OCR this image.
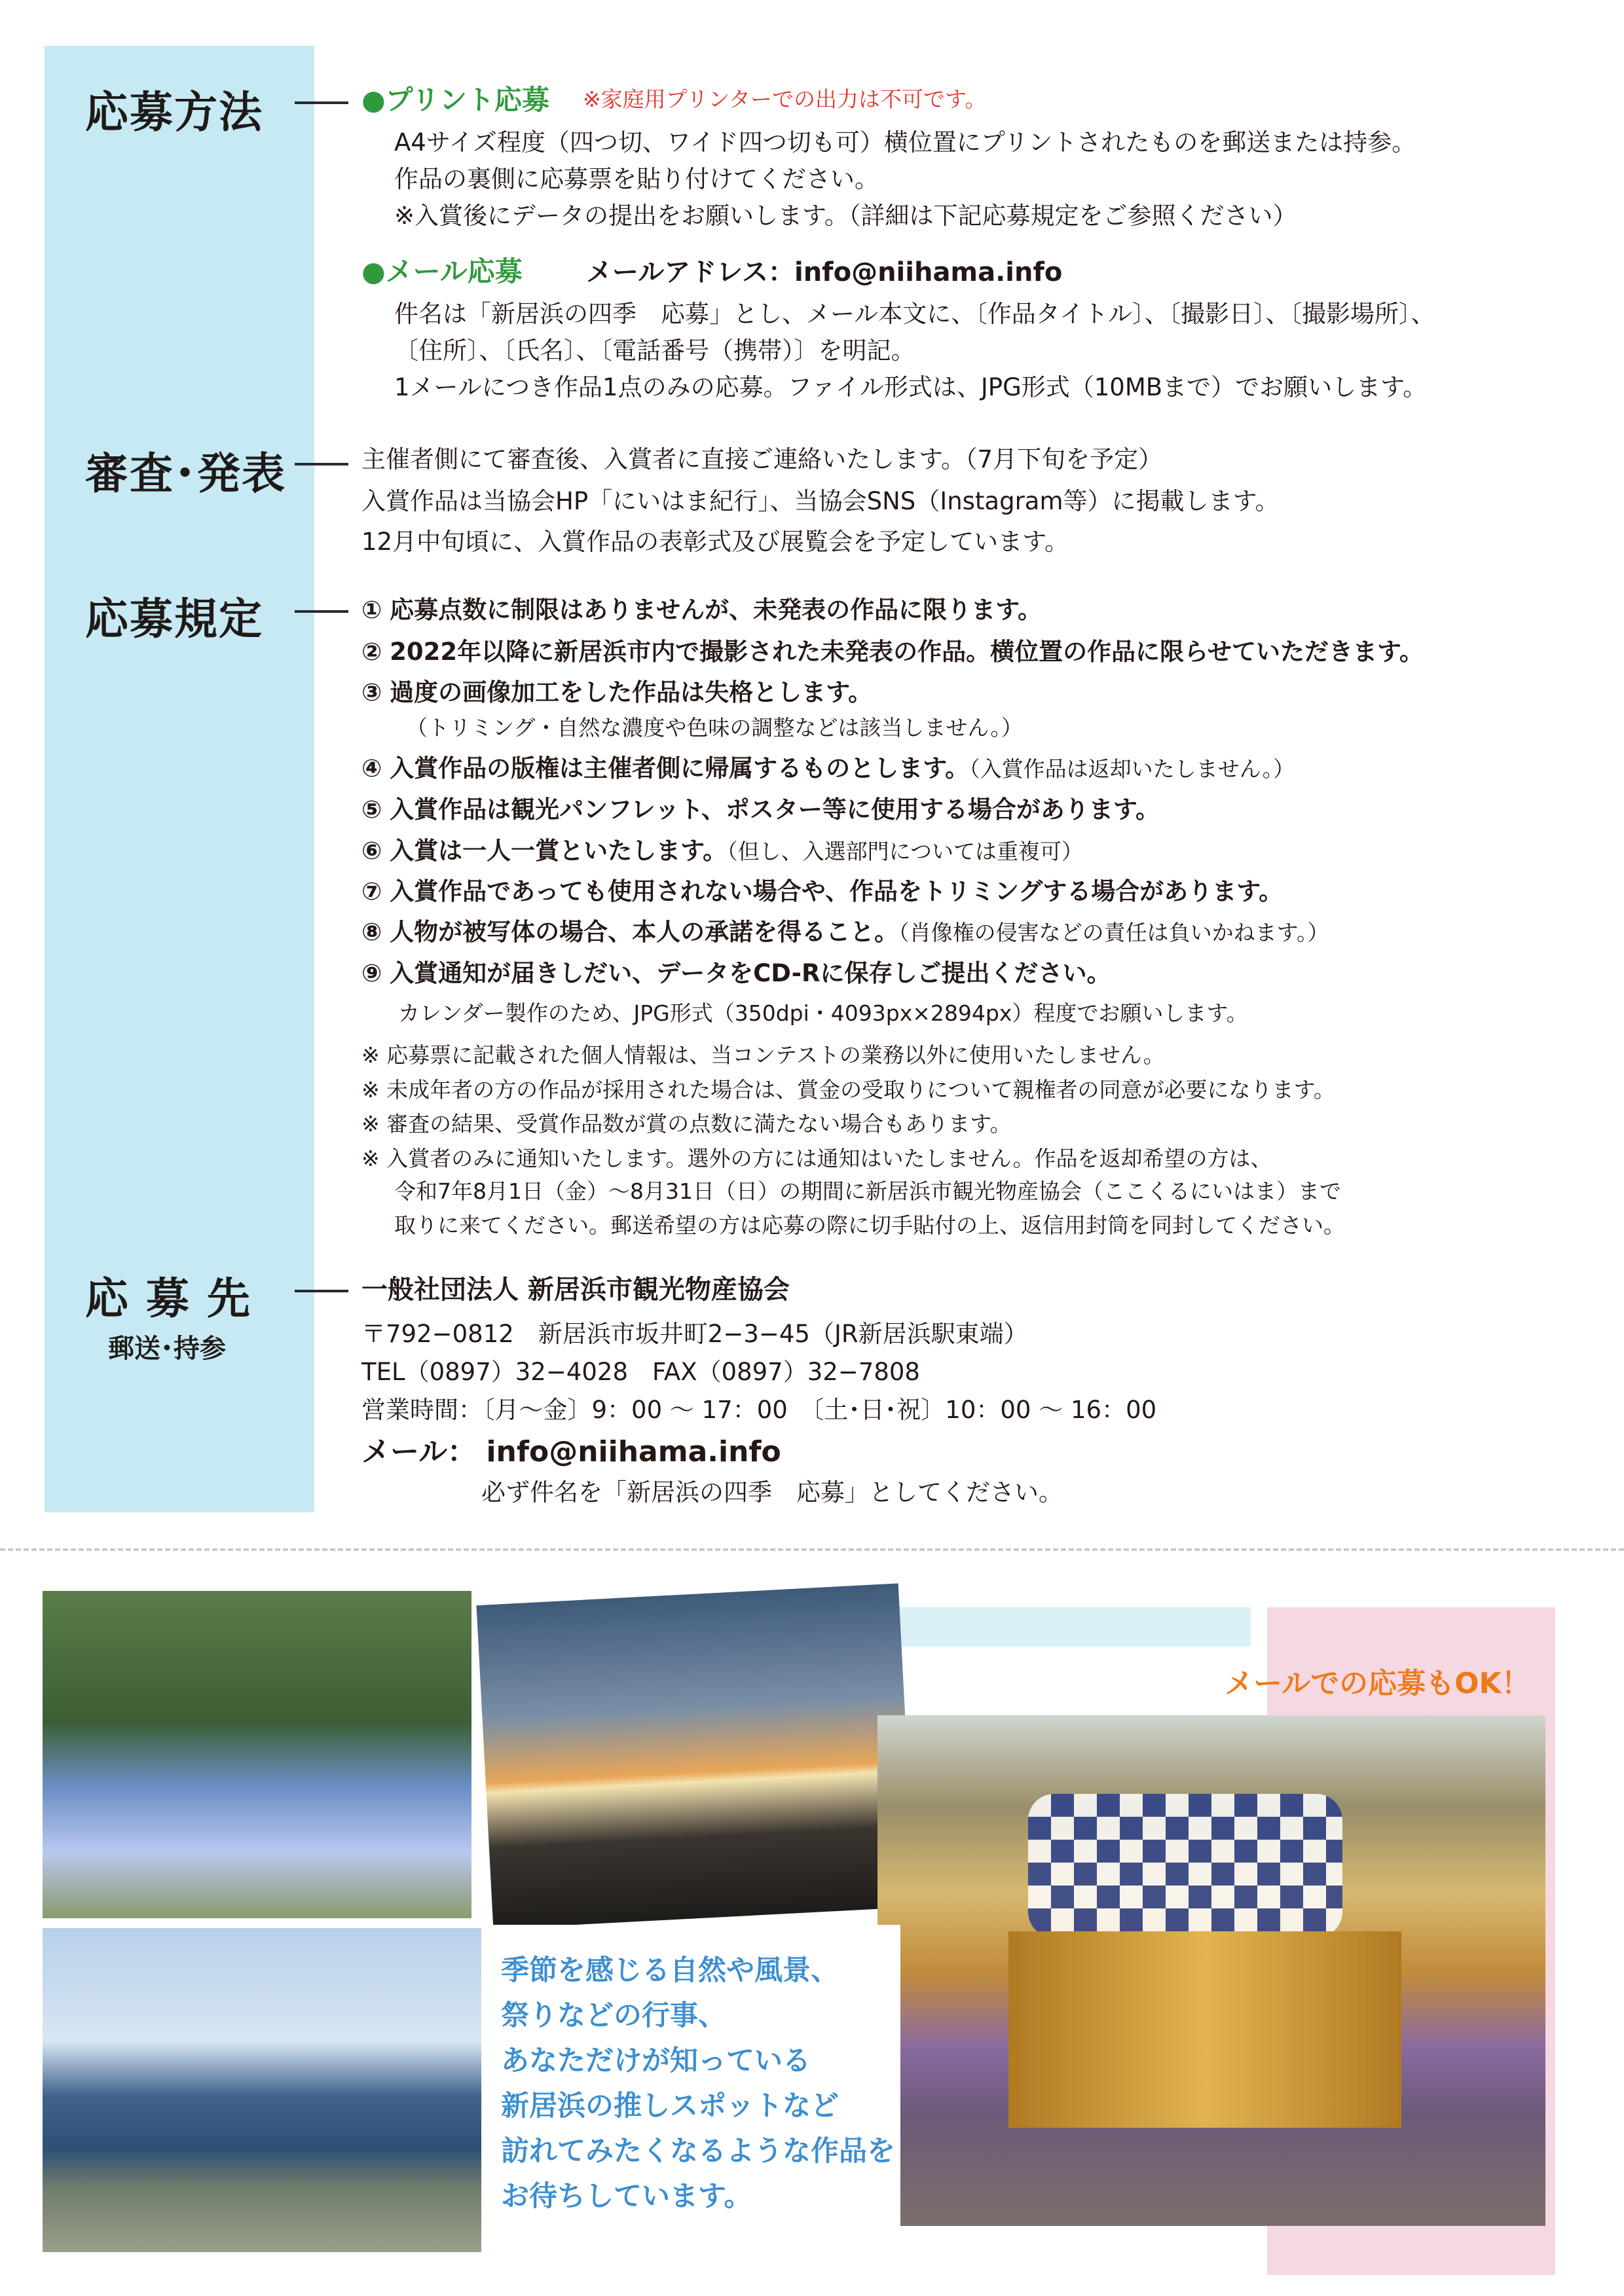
応募方法	●プリント応募 ※家庭用プリンターでの出力は不可です。
A4サイズ程度（四つ切、ワイド四つ切も可）横位置にプリントされたものを郵送または持参。
作品の裏側に応募票を貼り付けてください。
※入賞後にデータの提出をお願いします。（詳細は下記応募規定をご参照ください）
●メール応募 メールアドレス：info@niihama.info
件名は「新居浜の四季　応募」とし、メール本文に、〔作品タイトル〕、〔撮影日〕、〔撮影場所〕、
〔住所〕、〔氏名〕、〔電話番号（携帯）〕を明記。
1メールにつき作品1点のみの応募。ファイル形式は、JPG形式（10MBまで）でお願いします。
審査･発表	主催者側にて審査後、入賞者に直接ご連絡いたします。（7月下旬を予定）
入賞作品は当協会HP「にいはま紀行」、当協会SNS（Instagram等）に掲載します。
12月中旬頃に、入賞作品の表彰式及び展覧会を予定しています。
応募規定	① 応募点数に制限はありませんが、未発表の作品に限ります。
② 2022年以降に新居浜市内で撮影された未発表の作品。横位置の作品に限らせていただきます。
③ 過度の画像加工をした作品は失格とします。
（トリミング・自然な濃度や色味の調整などは該当しません。）
④ 入賞作品の版権は主催者側に帰属するものとします。（入賞作品は返却いたしません。）
⑤ 入賞作品は観光パンフレット、ポスター等に使用する場合があります。
⑥ 入賞は一人一賞といたします。（但し、入選部門については重複可）
⑦ 入賞作品であっても使用されない場合や、作品をトリミングする場合があります。
⑧ 人物が被写体の場合、本人の承諾を得ること。（肖像権の侵害などの責任は負いかねます。）
⑨ 入賞通知が届きしだい、データをCD-Rに保存しご提出ください。
カレンダー製作のため、JPG形式（350dpi・4093px×2894px）程度でお願いします。
※ 応募票に記載された個人情報は、当コンテストの業務以外に使用いたしません。
※ 未成年者の方の作品が採用された場合は、賞金の受取りについて親権者の同意が必要になります。
※ 審査の結果、受賞作品数が賞の点数に満たない場合もあります。
※ 入賞者のみに通知いたします。選外の方には通知はいたしません。作品を返却希望の方は、
令和7年8月1日（金）～8月31日（日）の期間に新居浜市観光物産協会（ここくるにいはま）まで
取りに来てください。郵送希望の方は応募の際に切手貼付の上、返信用封筒を同封してください。
応 募 先
郵送･持参
一般社団法人 新居浜市観光物産協会
〒792−0812　新居浜市坂井町2−3−45（JR新居浜駅東端）
TEL（0897）32−4028　FAX（0897）32−7808
営業時間：〔月～金〕9：00 ～ 17：00　〔土･日･祝〕10：00 ～ 16：00
メール： info@niihama.info
必ず件名を「新居浜の四季　応募」としてください。
メールでの応募もOK！
季節を感じる自然や風景、
祭りなどの行事、
あなただけが知っている
新居浜の推しスポットなど
訪れてみたくなるような作品を
お待ちしています。
